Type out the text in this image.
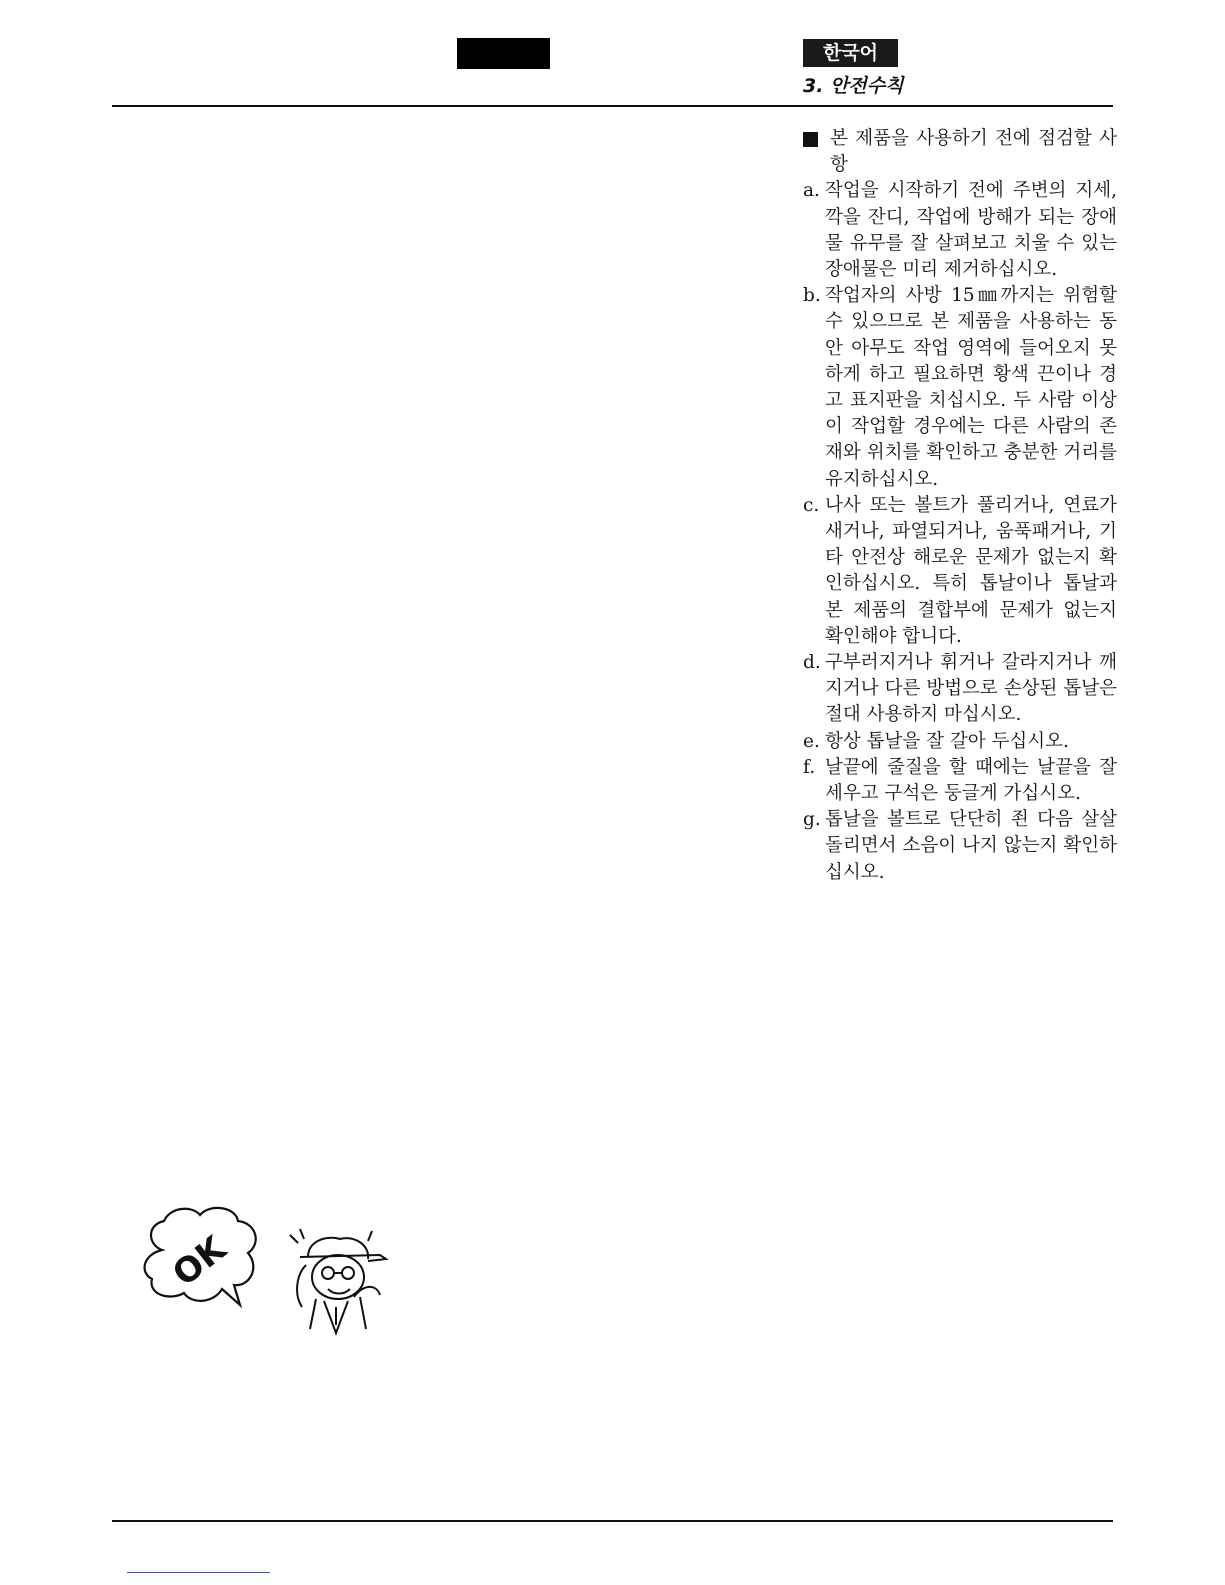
한국어
3. 안전수칙
본 제품을 사용하기 전에 점검할 사항
a. 작업을 시작하기 전에 주변의 지세, 깍을 잔디, 작업에 방해가 되는 장애물 유무를 잘 살펴보고 치울 수 있는 장애물은 미리 제거하십시오.
b. 작업자의 사방 15㎜까지는 위험할 수 있으므로 본 제품을 사용하는 동안 아무도 작업 영역에 들어오지 못하게 하고 필요하면 황색 끈이나 경고 표지판을 치십시오. 두 사람 이상이 작업할 경우에는 다른 사람의 존재와 위치를 확인하고 충분한 거리를 유지하십시오.
c. 나사 또는 볼트가 풀리거나, 연료가 새거나, 파열되거나, 움푹패거나, 기타 안전상 해로운 문제가 없는지 확인하십시오. 특히 톱날이나 톱날과 본 제품의 결합부에 문제가 없는지 확인해야 합니다.
d. 구부러지거나 휘거나 갈라지거나 깨지거나 다른 방법으로 손상된 톱날은 절대 사용하지 마십시오.
e. 항상 톱날을 잘 갈아 두십시오.
f. 날끝에 줄질을 할 때에는 날끝을 잘 세우고 구석은 둥글게 가십시오.
g. 톱날을 볼트로 단단히 죈 다음 살살 돌리면서 소음이 나지 않는지 확인하십시오.
OK
